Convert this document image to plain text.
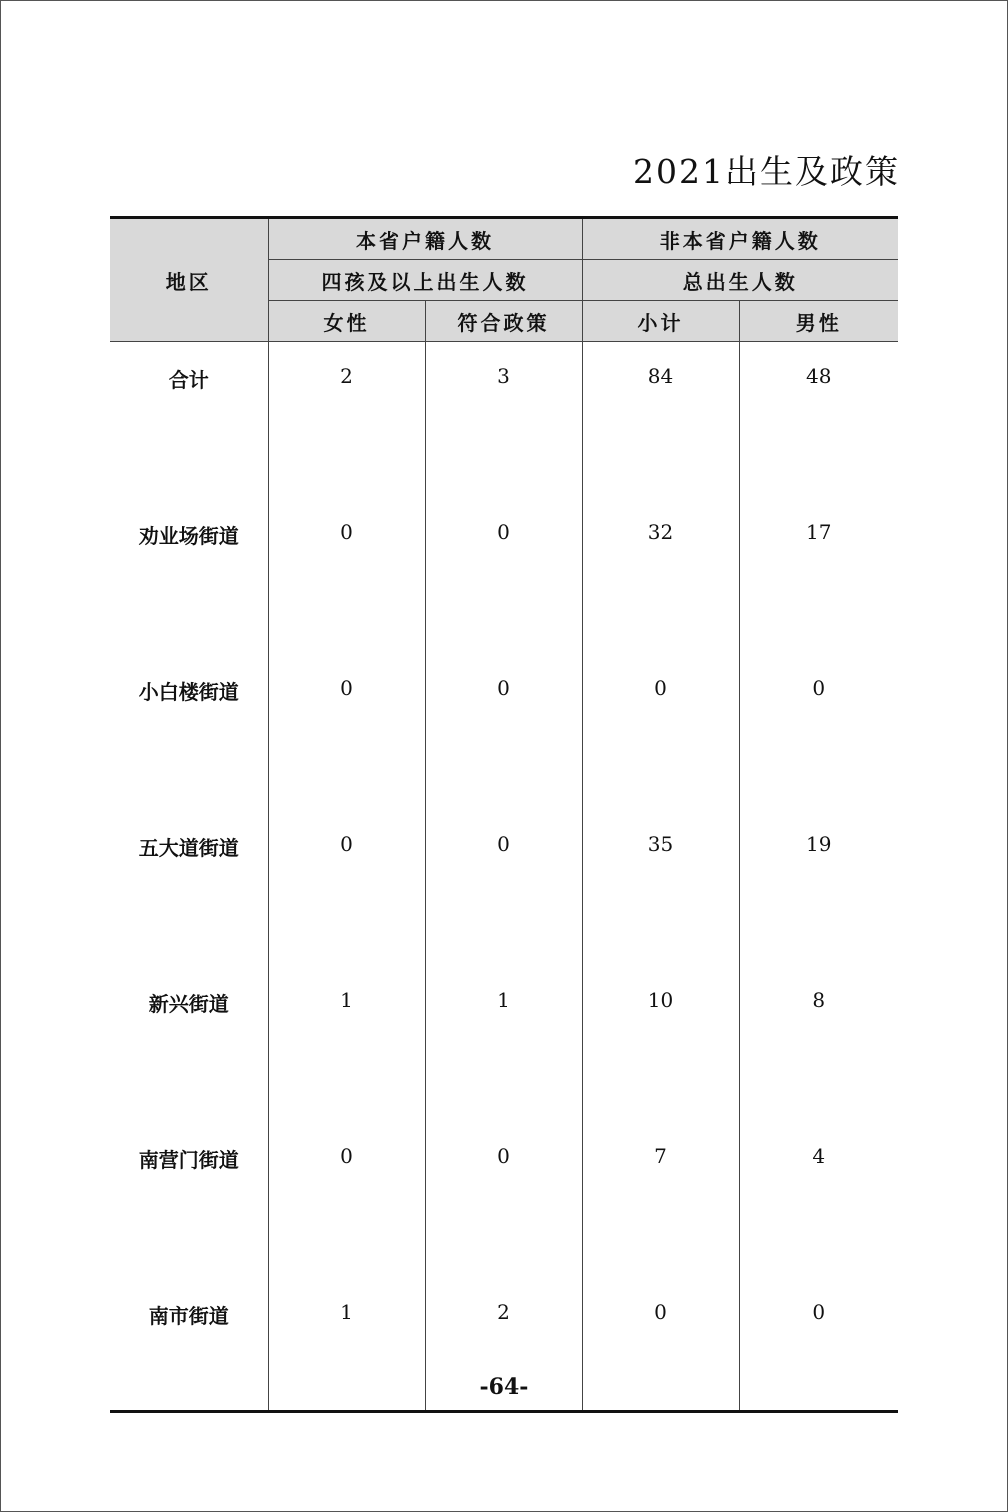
2021出生及政策
地区	本省户籍人数		非本省户籍人数	
	四孩及以上出生人数		总出生人数	
	女性	符合政策	小计	男性
合计	2	3	84	48
劝业场街道	0	0	32	17
小白楼街道	0	0	0	0
五大道街道	0	0	35	19
新兴街道	1	1	10	8
南营门街道	0	0	7	4
南市街道	1	2	0	0
-64-
